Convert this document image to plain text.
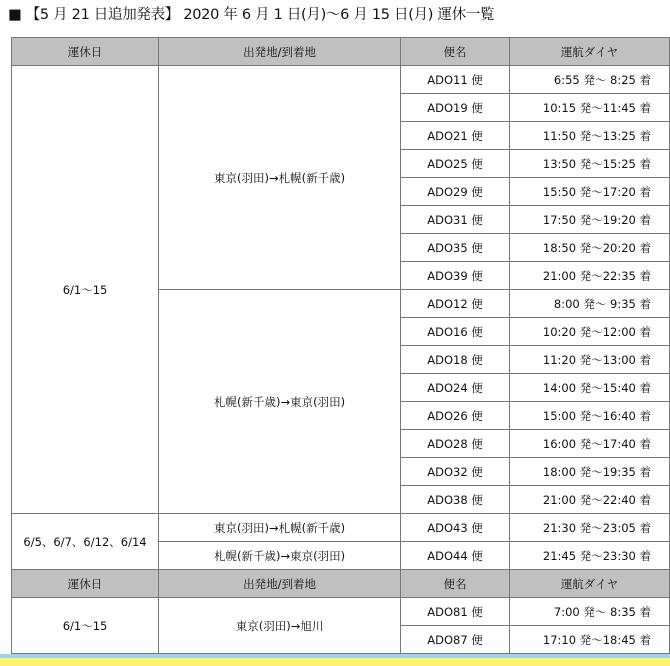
■ 【5 月 21 日追加発表】 2020 年 6 月 1 日(月)〜6 月 15 日(月) 運休一覧
運休日	出発地/到着地	便名	運航ダイヤ
6/1〜15	東京(羽田)→札幌(新千歳)	ADO11 便	6:55 発〜 8:25 着
		ADO19 便	10:15 発〜11:45 着
		ADO21 便	11:50 発〜13:25 着
		ADO25 便	13:50 発〜15:25 着
		ADO29 便	15:50 発〜17:20 着
		ADO31 便	17:50 発〜19:20 着
		ADO35 便	18:50 発〜20:20 着
		ADO39 便	21:00 発〜22:35 着
	札幌(新千歳)→東京(羽田)	ADO12 便	8:00 発〜 9:35 着
		ADO16 便	10:20 発〜12:00 着
		ADO18 便	11:20 発〜13:00 着
		ADO24 便	14:00 発〜15:40 着
		ADO26 便	15:00 発〜16:40 着
		ADO28 便	16:00 発〜17:40 着
		ADO32 便	18:00 発〜19:35 着
		ADO38 便	21:00 発〜22:40 着
6/5、6/7、6/12、6/14	東京(羽田)→札幌(新千歳)	ADO43 便	21:30 発〜23:05 着
	札幌(新千歳)→東京(羽田)	ADO44 便	21:45 発〜23:30 着
運休日	出発地/到着地	便名	運航ダイヤ
6/1〜15	東京(羽田)→旭川	ADO81 便	7:00 発〜 8:35 着
		ADO87 便	17:10 発〜18:45 着
